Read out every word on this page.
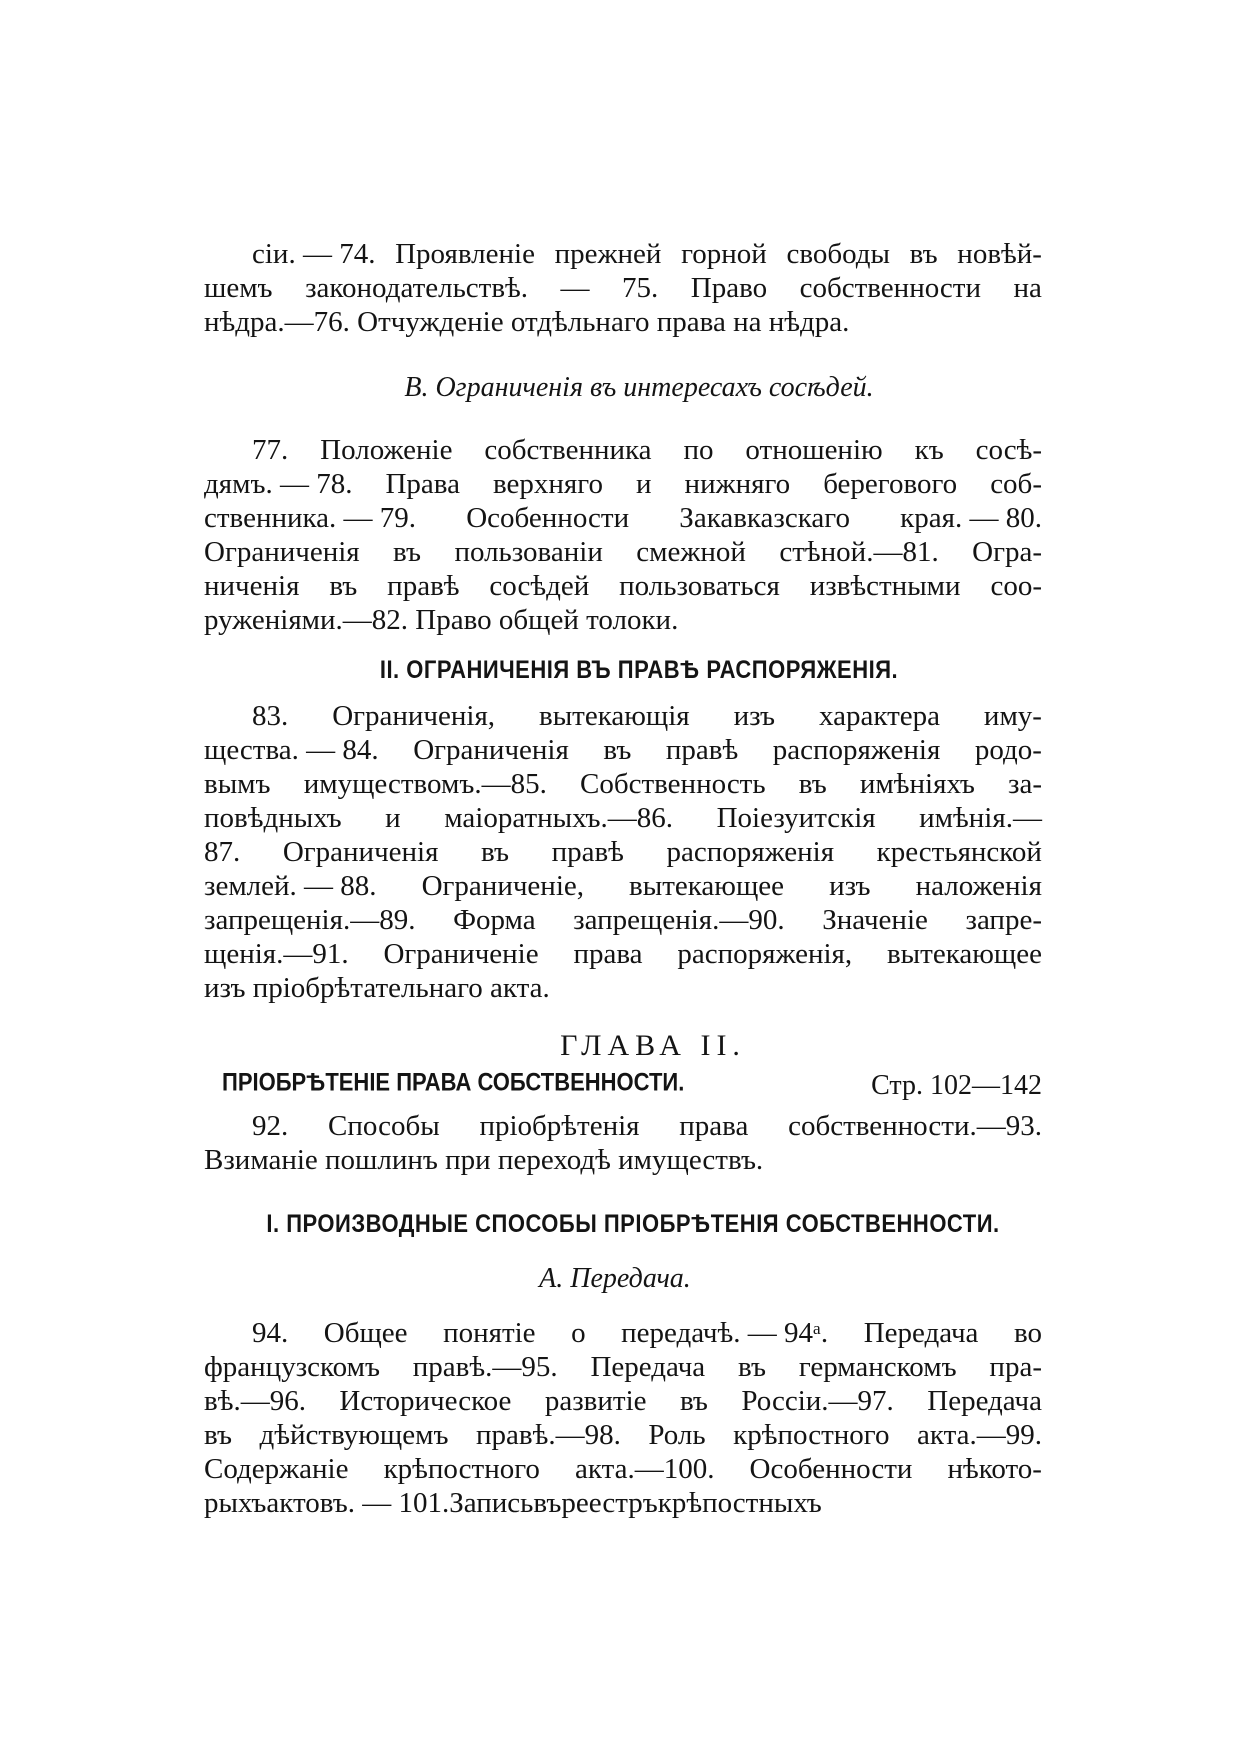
сіи. — 74. Проявленіе прежней горной свободы въ новѣй-
шемъ законодательствѣ. — 75. Право собственности на
нѣдра.—76. Отчужденіе отдѣльнаго права на нѣдра.
В. Ограниченія въ интересахъ сосѣдей.
77. Положеніе собственника по отношенію къ сосѣ-
дямъ. — 78. Права верхняго и нижняго берегового соб-
ственника. — 79. Особенности Закавказскаго края. — 80.
Ограниченія въ пользованіи смежной стѣной.—81. Огра-
ниченія въ правѣ сосѣдей пользоваться извѣстными соо-
руженіями.—82. Право общей толоки.
II. ОГРАНИЧЕНІЯ ВЪ ПРАВѢ РАСПОРЯЖЕНІЯ.
83. Ограниченія, вытекающія изъ характера иму-
щества. — 84. Ограниченія въ правѣ распоряженія родо-
вымъ имуществомъ.—85. Собственность въ имѣніяхъ за-
повѣдныхъ и маіоратныхъ.—86. Поіезуитскія имѣнія.—
87. Ограниченія въ правѣ распоряженія крестьянской
землей. — 88. Ограниченіе, вытекающее изъ наложенія
запрещенія.—89. Форма запрещенія.—90. Значеніе запре-
щенія.—91. Ограниченіе права распоряженія, вытекающее
изъ пріобрѣтательнаго акта.
ГЛАВА II.
ПРІОБРѢТЕНІЕ ПРАВА СОБСТВЕННОСТИ.	Стр. 102—142
92. Способы пріобрѣтенія права собственности.—93.
Взиманіе пошлинъ при переходѣ имуществъ.
I. ПРОИЗВОДНЫЕ СПОСОБЫ ПРІОБРѢТЕНІЯ СОБСТВЕННОСТИ.
А. Передача.
94. Общее понятіе о передачѣ. — 94ᵃ. Передача во
французскомъ правѣ.—95. Передача въ германскомъ пра-
вѣ.—96. Историческое развитіе въ Россіи.—97. Передача
въ дѣйствующемъ правѣ.—98. Роль крѣпостного акта.—99.
Содержаніе крѣпостного акта.—100. Особенности нѣкото-
рыхъ актовъ. — 101. Запись въ реестръ крѣпостныхъ
